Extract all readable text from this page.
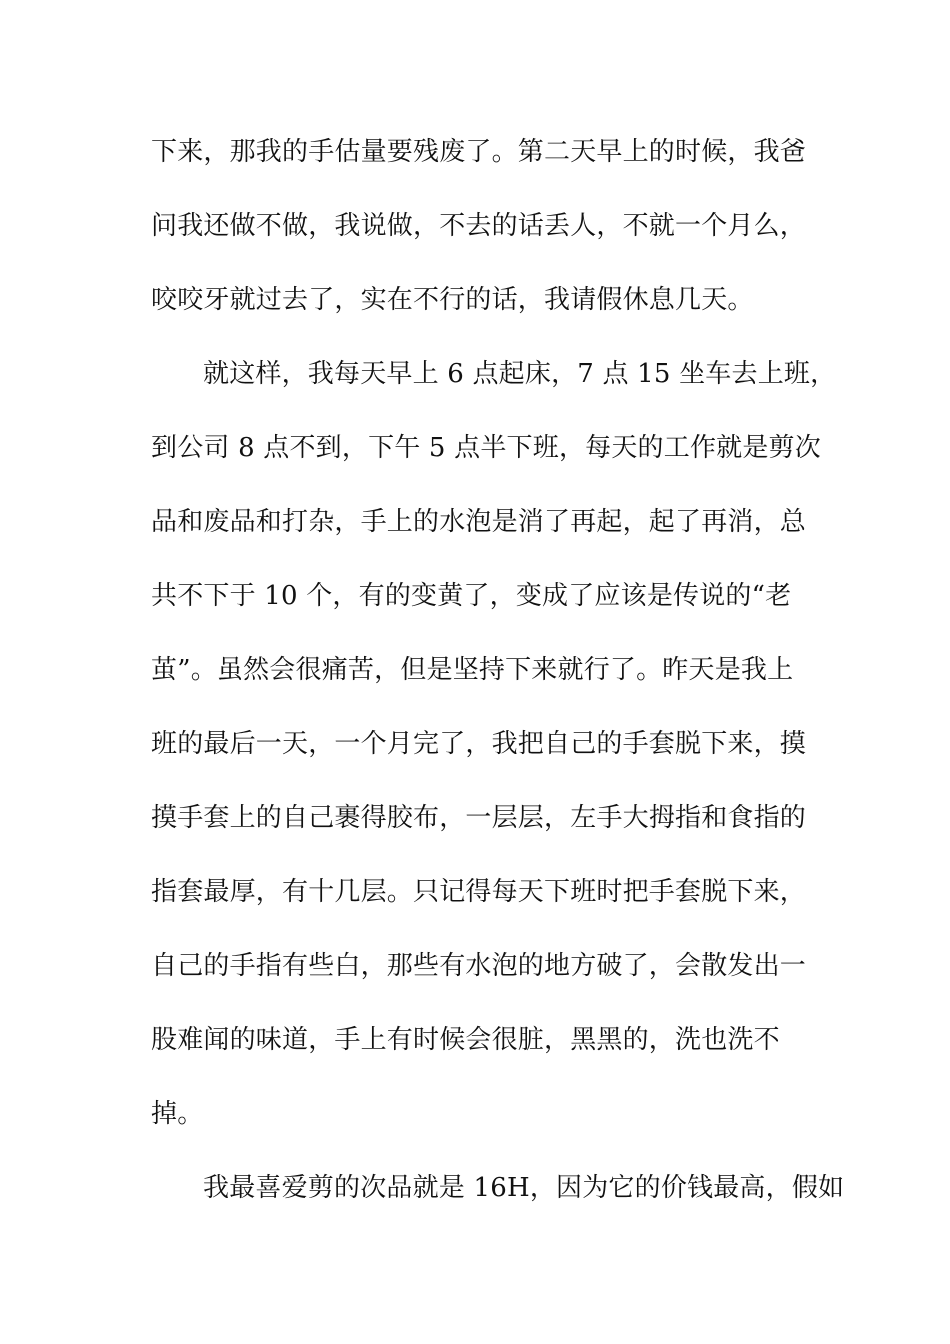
下来，那我的手估量要残废了。第二天早上的时候，我爸
问我还做不做，我说做，不去的话丢人，不就一个月么，
咬咬牙就过去了，实在不行的话，我请假休息几天。
就这样，我每天早上 6 点起床，7 点 15 坐车去上班，
到公司 8 点不到，下午 5 点半下班，每天的工作就是剪次
品和废品和打杂，手上的水泡是消了再起，起了再消，总
共不下于 10 个，有的变黄了，变成了应该是传说的“老
茧”。虽然会很痛苦，但是坚持下来就行了。昨天是我上
班的最后一天，一个月完了，我把自己的手套脱下来，摸
摸手套上的自己裹得胶布，一层层，左手大拇指和食指的
指套最厚，有十几层。只记得每天下班时把手套脱下来，
自己的手指有些白，那些有水泡的地方破了，会散发出一
股难闻的味道，手上有时候会很脏，黑黑的，洗也洗不
掉。
我最喜爱剪的次品就是 16H，因为它的价钱最高，假如
